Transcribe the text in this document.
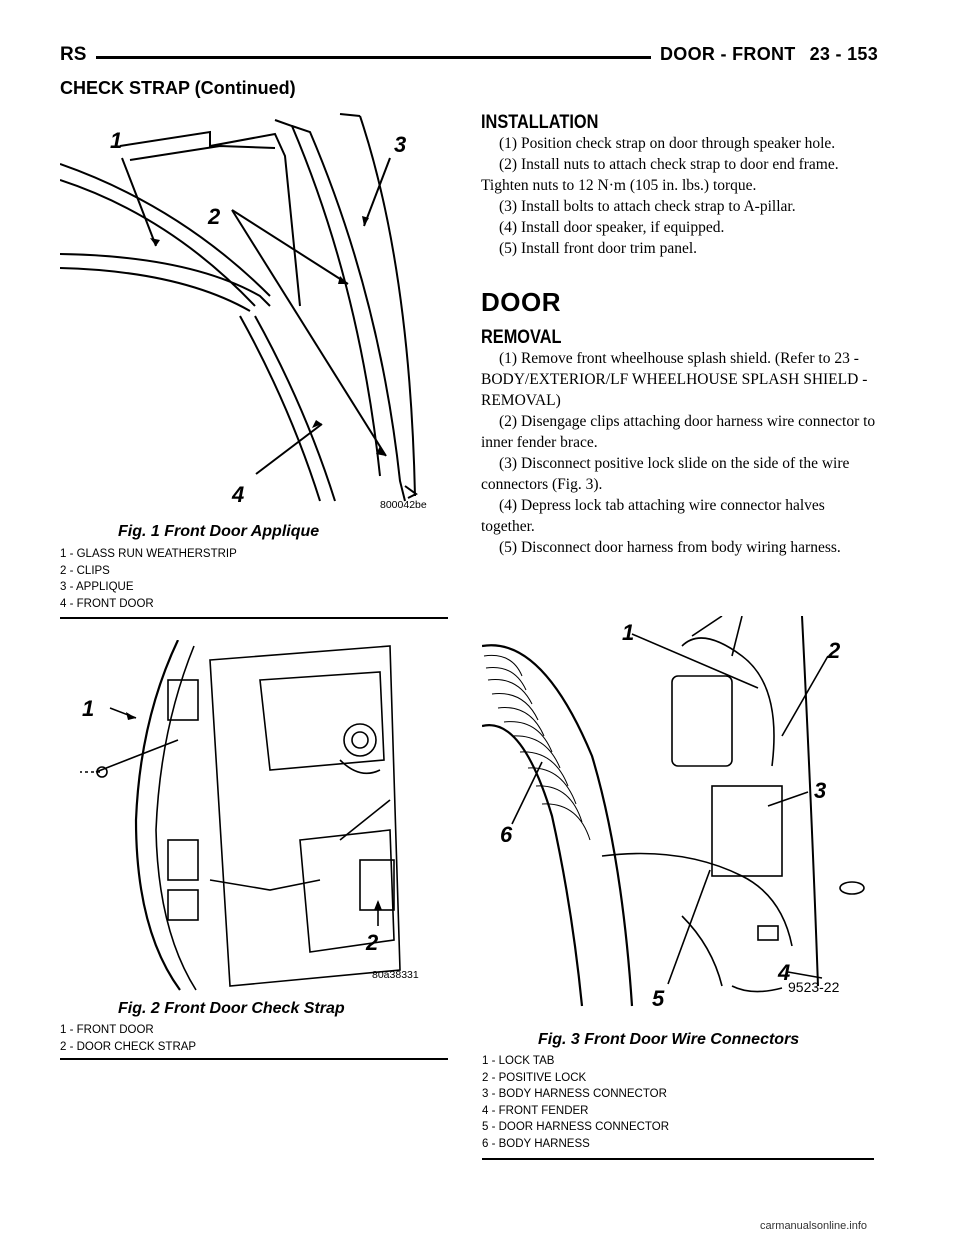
RS	DOOR - FRONT 23 - 153
CHECK STRAP (Continued)
1
2
3
4	800042be
Fig. 1 Front Door Applique
1 - GLASS RUN WEATHERSTRIP
2 - CLIPS
3 - APPLIQUE
4 - FRONT DOOR
1
2
80a38331
Fig. 2 Front Door Check Strap
1 - FRONT DOOR
2 - DOOR CHECK STRAP
INSTALLATION

(1) Position check strap on door through speaker hole.

(2) Install nuts to attach check strap to door end frame. Tighten nuts to 12 N·m (105 in. lbs.) torque.

(3) Install bolts to attach check strap to A-pillar.

(4) Install door speaker, if equipped.

(5) Install front door trim panel.

DOOR
REMOVAL

(1) Remove front wheelhouse splash shield. (Refer to 23 - BODY/EXTERIOR/LF WHEELHOUSE SPLASH SHIELD - REMOVAL)

(2) Disengage clips attaching door harness wire connector to inner fender brace.

(3) Disconnect positive lock slide on the side of the wire connectors (Fig. 3).

(4) Depress lock tab attaching wire connector halves together.

(5) Disconnect door harness from body wiring harness.

1
2
3
4
5
6
9523-22
Fig. 3 Front Door Wire Connectors
1 - LOCK TAB
2 - POSITIVE LOCK
3 - BODY HARNESS CONNECTOR
4 - FRONT FENDER
5 - DOOR HARNESS CONNECTOR
6 - BODY HARNESS
carmanualsonline.info
